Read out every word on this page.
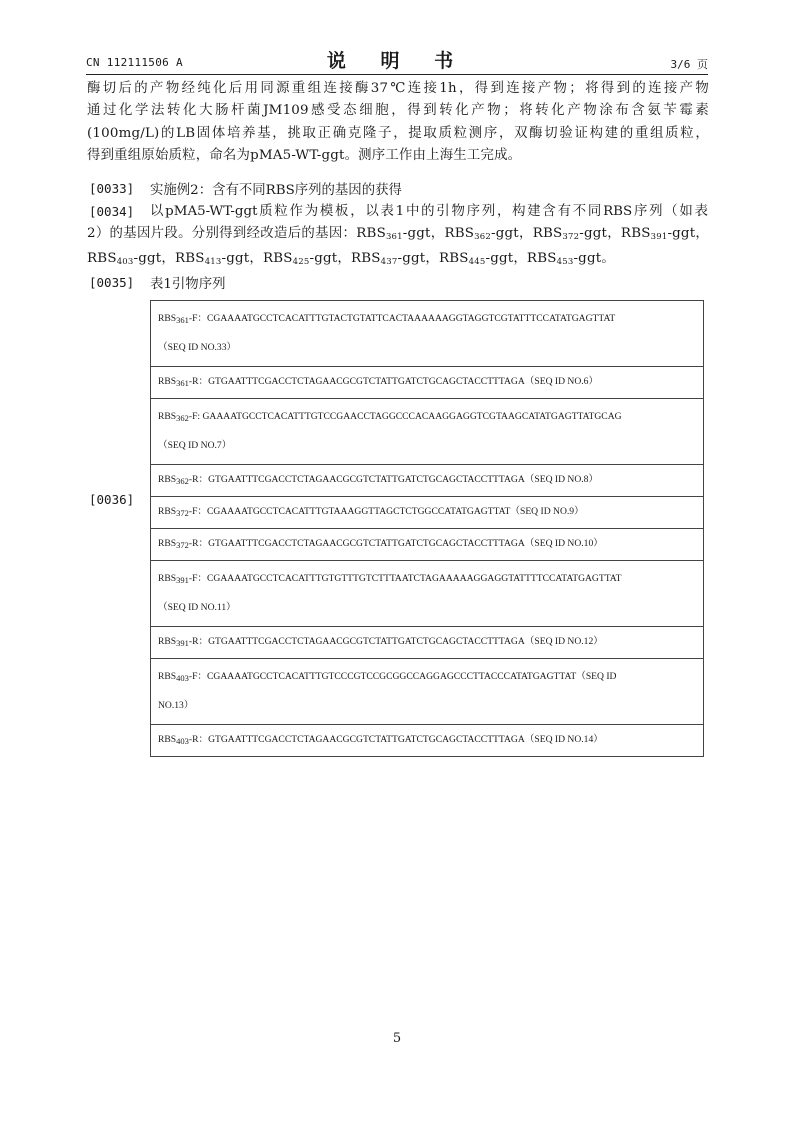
CN 112111506 A	说 明 书	3/6 页
酶切后的产物经纯化后用同源重组连接酶37℃连接1h，得到连接产物；将得到的连接产物
通过化学法转化大肠杆菌JM109感受态细胞，得到转化产物；将转化产物涂布含氨苄霉素
(100mg/L)的LB固体培养基，挑取正确克隆子，提取质粒测序，双酶切验证构建的重组质粒，
得到重组原始质粒，命名为pMA5-WT-ggt。测序工作由上海生工完成。
[0033] 实施例2：含有不同RBS序列的基因的获得
[0034] 以pMA5-WT-ggt质粒作为模板，以表1中的引物序列，构建含有不同RBS序列（如表
2）的基因片段。分别得到经改造后的基因：$RBS_{361}$-ggt，$RBS_{362}$-ggt，$RBS_{372}$-ggt，$RBS_{391}$-ggt，
$RBS_{403}$-ggt，$RBS_{413}$-ggt，$RBS_{425}$-ggt，$RBS_{437}$-ggt，$RBS_{445}$-ggt，$RBS_{453}$-ggt。
[0035] 表1引物序列
[0036]
$RBS_{361}-F$：CGAAAATGCCTCACATTTGTACTGTATTCACTAAAAAAGGTAGGTCGTATTTCCATATGAGTTAT
（SEQ ID NO.33）
$RBS_{361}-R$：GTGAATTTCGACCTCTAGAACGCGTCTATTGATCTGCAGCTACCTTTAGA（SEQ ID NO.6）
$RBS_{362}-F$: GAAAATGCCTCACATTTGTCCGAACCTAGGCCCACAAGGAGGTCGTAAGCATATGAGTTATGCAG
（SEQ ID NO.7）
$RBS_{362}-R$：GTGAATTTCGACCTCTAGAACGCGTCTATTGATCTGCAGCTACCTTTAGA（SEQ ID NO.8）
$RBS_{372}-F$：CGAAAATGCCTCACATTTGTAAAGGTTAGCTCTGGCCATATGAGTTAT（SEQ ID NO.9）
$RBS_{372}-R$：GTGAATTTCGACCTCTAGAACGCGTCTATTGATCTGCAGCTACCTTTAGA（SEQ ID NO.10）
$RBS_{391}-F$：CGAAAATGCCTCACATTTGTGTTTGTCTTTAATCTAGAAAAAGGAGGTATTTTCCATATGAGTTAT
（SEQ ID NO.11）
$RBS_{391}-R$：GTGAATTTCGACCTCTAGAACGCGTCTATTGATCTGCAGCTACCTTTAGA（SEQ ID NO.12）
$RBS_{403}-F$：CGAAAATGCCTCACATTTGTCCCGTCCGCGGCCAGGAGCCCTTACCCATATGAGTTAT（SEQ ID
NO.13）
$RBS_{403}-R$：GTGAATTTCGACCTCTAGAACGCGTCTATTGATCTGCAGCTACCTTTAGA（SEQ ID NO.14）
5
